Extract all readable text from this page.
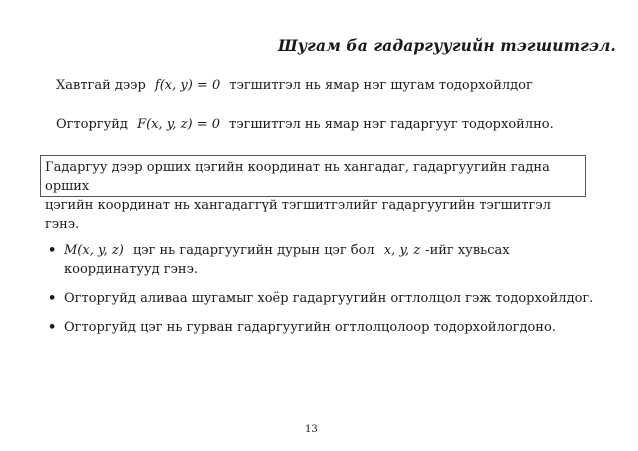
Шугам ба гадаргуугийн тэгшитгэл.
Хавтгай дээр f(x, y) = 0 тэгшитгэл нь ямар нэг шугам тодорхойлдог
Огторгуйд F(x, y, z) = 0 тэгшитгэл нь ямар нэг гадаргууг тодорхойлно.
Гадаргуу дээр орших цэгийн координат нь хангадаг, гадаргуугийн гадна орших
цэгийн координат нь хангадаггүй тэгшитгэлийг гадаргуугийн тэгшитгэл гэнэ.
• M(x, y, z) цэг нь гадаргуугийн дурын цэг бол x, y, z -ийг хувьсах
координатууд гэнэ.
• Огторгуйд аливаа шугамыг хоёр гадаргуугийн огтлолцол гэж тодорхойлдог.
• Огторгуйд цэг нь гурван гадаргуугийн огтлолцолоор тодорхойлогдоно.
13
